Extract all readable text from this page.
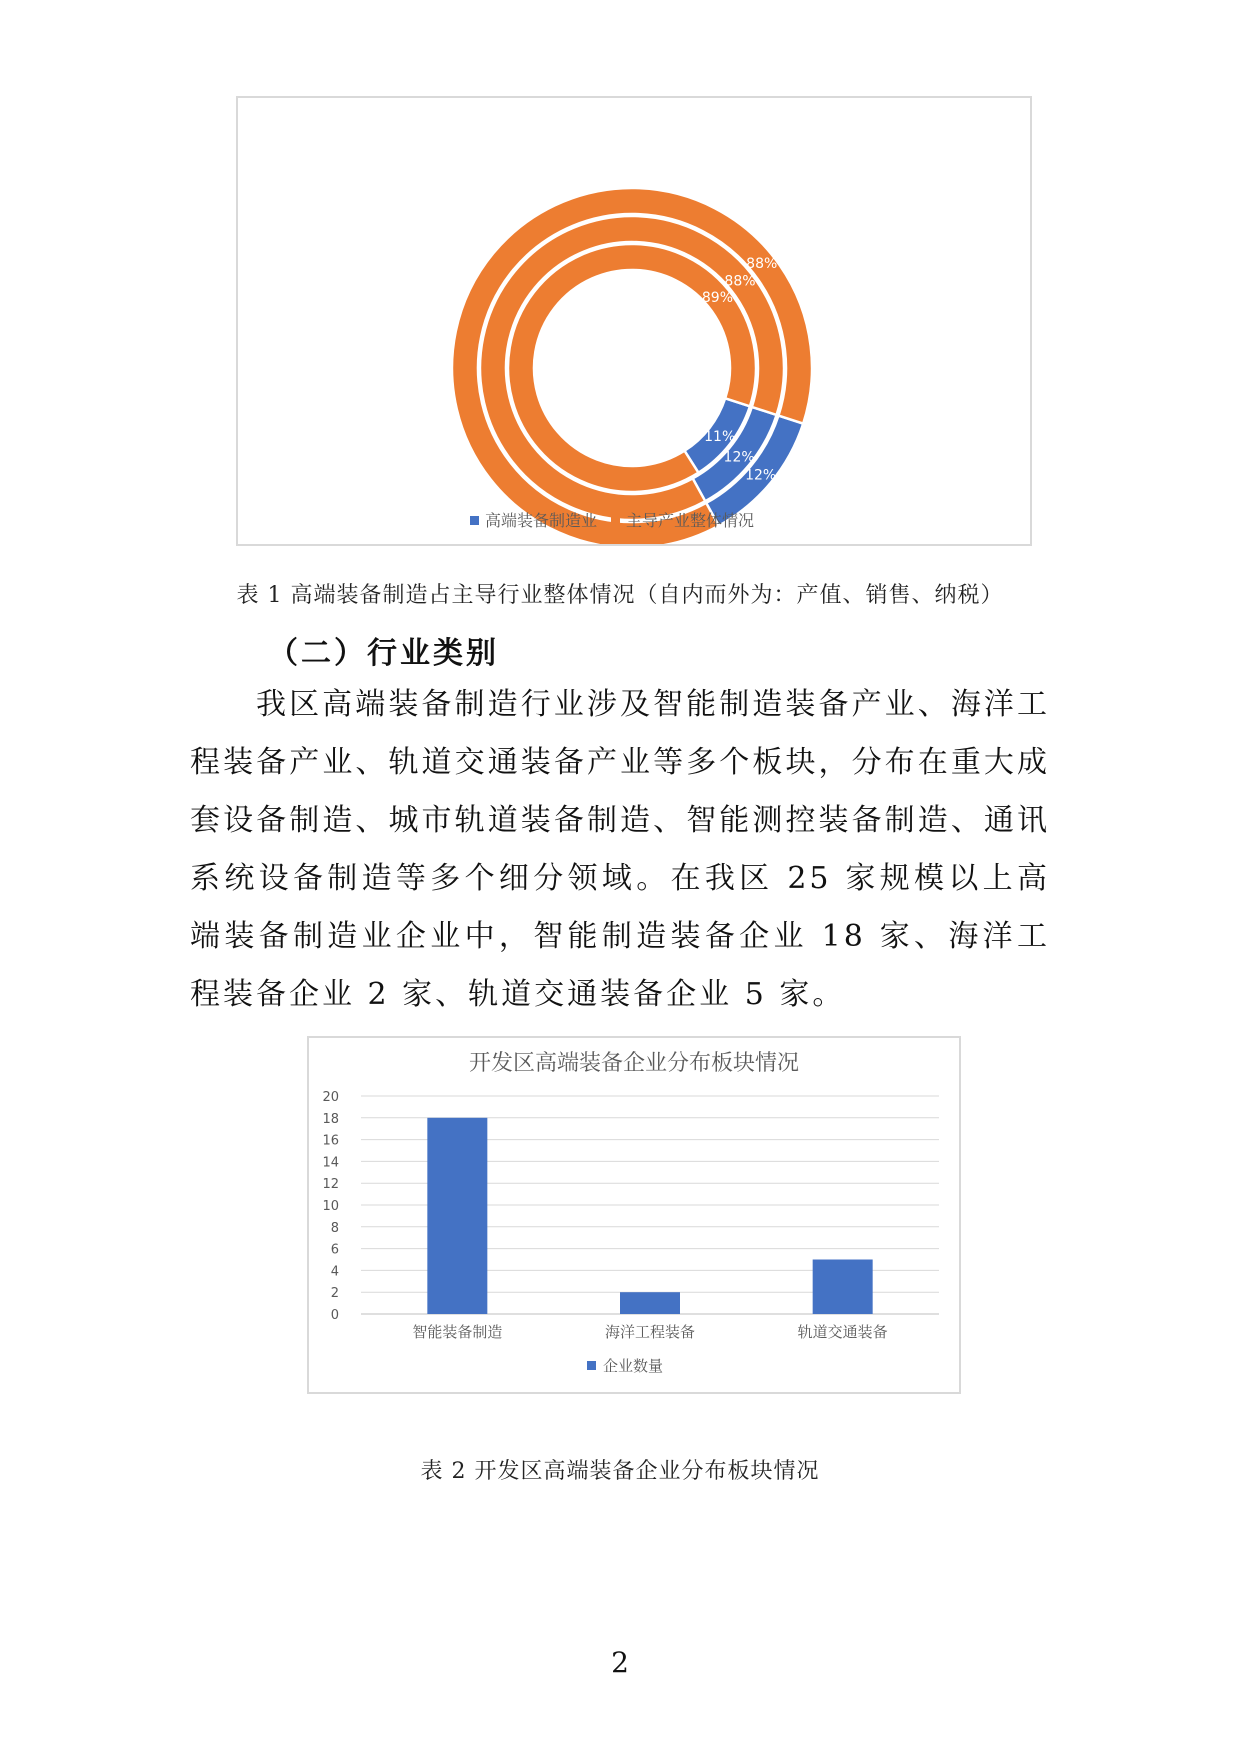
11%
89%
12%
88%
12%
88%
高端装备制造业 主导产业整体情况
表 1 高端装备制造占主导行业整体情况（自内而外为：产值、销售、纳税）
（二）行业类别

我区高端装备制造行业涉及智能制造装备产业、海洋工程装备产业、轨道交通装备产业等多个板块，分布在重大成套设备制造、城市轨道装备制造、智能测控装备制造、通讯系统设备制造等多个细分领域。在我区 25 家规模以上高端装备制造业企业中，智能制造装备企业 18 家、海洋工程装备企业 2 家、轨道交通装备企业 5 家。

开发区高端装备企业分布板块情况
0
2
4
6
8
10
12
14
16
18
20
智能装备制造	海洋工程装备	轨道交通装备
企业数量
表 2 开发区高端装备企业分布板块情况
2
